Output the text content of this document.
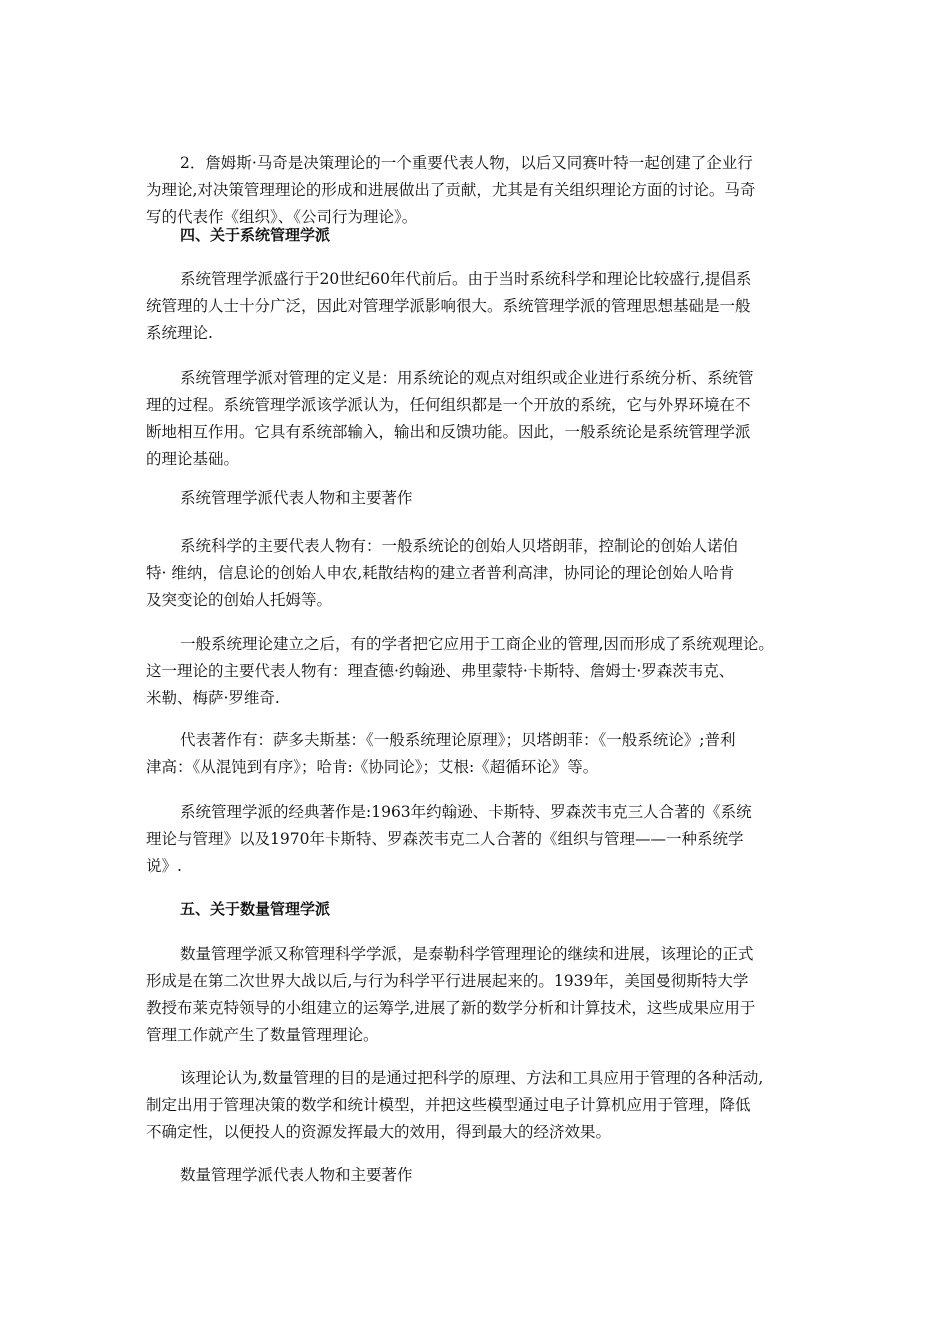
2．詹姆斯·马奇是决策理论的一个重要代表人物，以后又同赛叶特一起创建了企业行
为理论,对决策管理理论的形成和进展做出了贡献，尤其是有关组织理论方面的讨论。马奇
写的代表作《组织》、《公司行为理论》。
四、关于系统管理学派
系统管理学派盛行于20世纪60年代前后。由于当时系统科学和理论比较盛行,提倡系
统管理的人士十分广泛，因此对管理学派影响很大。系统管理学派的管理思想基础是一般
系统理论.
系统管理学派对管理的定义是：用系统论的观点对组织或企业进行系统分析、系统管
理的过程。系统管理学派该学派认为，任何组织都是一个开放的系统，它与外界环境在不
断地相互作用。它具有系统部输入，输出和反馈功能。因此，一般系统论是系统管理学派
的理论基础。
系统管理学派代表人物和主要著作
系统科学的主要代表人物有：一般系统论的创始人贝塔朗菲，控制论的创始人诺伯
特· 维纳，信息论的创始人申农,耗散结构的建立者普利高津，协同论的理论创始人哈肯
及突变论的创始人托姆等。
一般系统理论建立之后，有的学者把它应用于工商企业的管理,因而形成了系统观理论。
这一理论的主要代表人物有：理查德·约翰逊、弗里蒙特·卡斯特、詹姆士·罗森茨韦克、
米勒、梅萨·罗维奇.
代表著作有：萨多夫斯基：《一般系统理论原理》；贝塔朗菲：《一般系统论》;普利
津高：《从混饨到有序》；哈肯:《协同论》；艾根:《超循环论》等。
系统管理学派的经典著作是:1963年约翰逊、卡斯特、罗森茨韦克三人合著的《系统
理论与管理》以及1970年卡斯特、罗森茨韦克二人合著的《组织与管理——一种系统学
说》.
五、关于数量管理学派
数量管理学派又称管理科学学派，是泰勒科学管理理论的继续和进展，该理论的正式
形成是在第二次世界大战以后,与行为科学平行进展起来的。1939年，美国曼彻斯特大学
教授布莱克特领导的小组建立的运筹学,进展了新的数学分析和计算技术，这些成果应用于
管理工作就产生了数量管理理论。
该理论认为,数量管理的目的是通过把科学的原理、方法和工具应用于管理的各种活动,
制定出用于管理决策的数学和统计模型，并把这些模型通过电子计算机应用于管理，降低
不确定性，以便投人的资源发挥最大的效用，得到最大的经济效果。
数量管理学派代表人物和主要著作
